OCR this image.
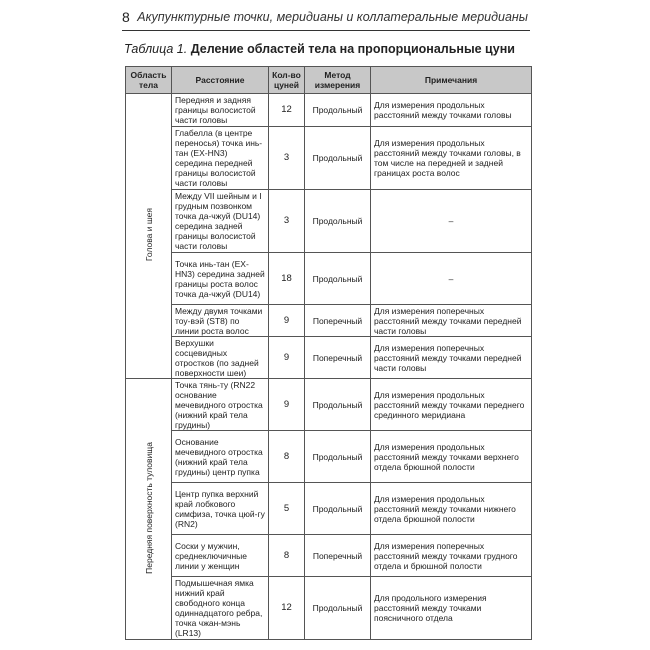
8 Акупунктурные точки, меридианы и коллатеральные меридианы
Таблица 1. Деление областей тела на пропорциональные цуни
Область тела	Расстояние	Кол-во цуней	Метод измерения	Примечания
Голова и шея	Передняя и задняя границы волосистой части головы	12	Продольный	Для измерения продольных расстояний между точками головы
	Глабелла (в центре переносья) точка инь-тан (EX-HN3) середина передней границы волосистой части головы	3	Продольный	Для измерения продольных расстояний между точками головы, в том числе на передней и задней границах роста волос
	Между VII шейным и I грудным позвонком точка да-чжуй (DU14) середина задней границы волосистой части головы	3	Продольный	–
	Точка инь-тан (EX-HN3) середина задней границы роста волос точка да-чжуй (DU14)	18	Продольный	–
	Между двумя точками тоу-вэй (ST8) по линии роста волос	9	Поперечный	Для измерения поперечных расстояний между точками передней части головы
	Верхушки сосцевидных отростков (по задней поверхности шеи)	9	Поперечный	Для измерения поперечных расстояний между точками передней части головы
Передняя поверхность туловища	Точка тянь-ту (RN22 основание мечевидного отростка (нижний край тела грудины)	9	Продольный	Для измерения продольных расстояний между точками переднего срединного меридиана
	Основание мечевидного отростка (нижний край тела грудины) центр пупка	8	Продольный	Для измерения продольных расстояний между точками верхнего отдела брюшной полости
	Центр пупка верхний край лобкового симфиза, точка цюй-гу (RN2)	5	Продольный	Для измерения продольных расстояний между точками нижнего отдела брюшной полости
	Соски у мужчин, среднеключичные линии у женщин	8	Поперечный	Для измерения поперечных расстояний между точками грудного отдела и брюшной полости
	Подмышечная ямка нижний край свободного конца одиннадцатого ребра, точка чжан-мэнь (LR13)	12	Продольный	Для продольного измерения расстояний между точками поясничного отдела
